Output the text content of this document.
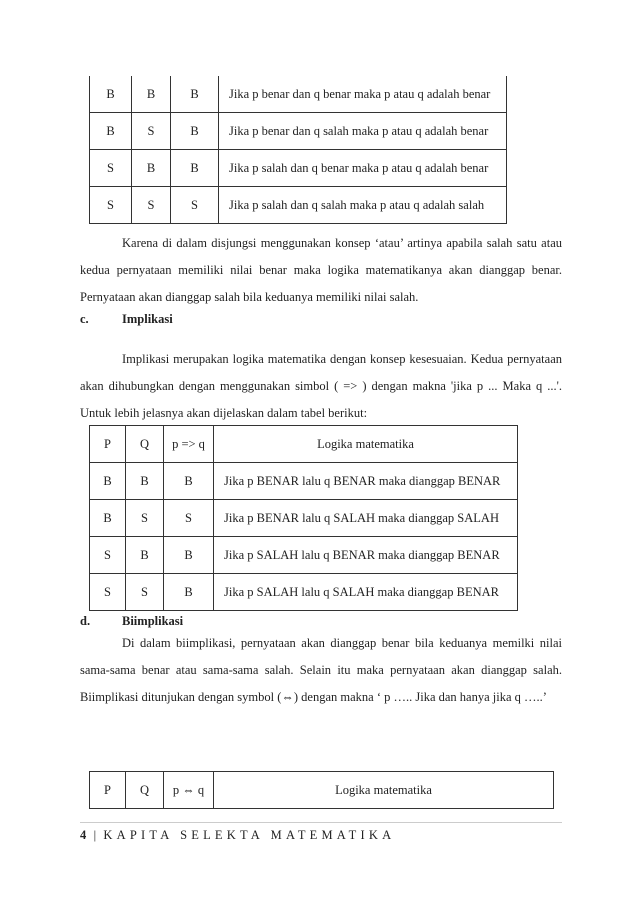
B	B	B	Jika p benar dan q benar maka p atau q adalah benar
B	S	B	Jika p benar dan q salah maka p atau q adalah benar
S	B	B	Jika p salah dan q benar maka p atau q adalah benar
S	S	S	Jika p salah dan q salah maka p atau q adalah salah
Karena di dalam disjungsi menggunakan konsep ‘atau’ artinya apabila salah satu atau kedua pernyataan memiliki nilai benar maka logika matematikanya akan dianggap benar. Pernyataan akan dianggap salah bila keduanya memiliki nilai salah.
c.	Implikasi
Implikasi merupakan logika matematika dengan konsep kesesuaian. Kedua pernyataan akan dihubungkan dengan menggunakan simbol ( => ) dengan makna 'jika p ... Maka q ...'. Untuk lebih jelasnya akan dijelaskan dalam tabel berikut:
P	Q	p => q	Logika matematika
B	B	B	Jika p BENAR lalu q BENAR maka dianggap BENAR
B	S	S	Jika p BENAR lalu q SALAH maka dianggap SALAH
S	B	B	Jika p SALAH lalu q BENAR maka dianggap BENAR
S	S	B	Jika p SALAH lalu q SALAH maka dianggap BENAR
d.	Biimplikasi
Di dalam biimplikasi, pernyataan akan dianggap benar bila keduanya memilki nilai sama-sama benar atau sama-sama salah. Selain itu maka pernyataan akan dianggap salah. Biimplikasi ditunjukan dengan symbol (⇔) dengan makna ‘ p ….. Jika dan hanya jika q …..’
P	Q	p ⇔ q	Logika matematika
4 | KAPITA SELEKTA MATEMATIKA
